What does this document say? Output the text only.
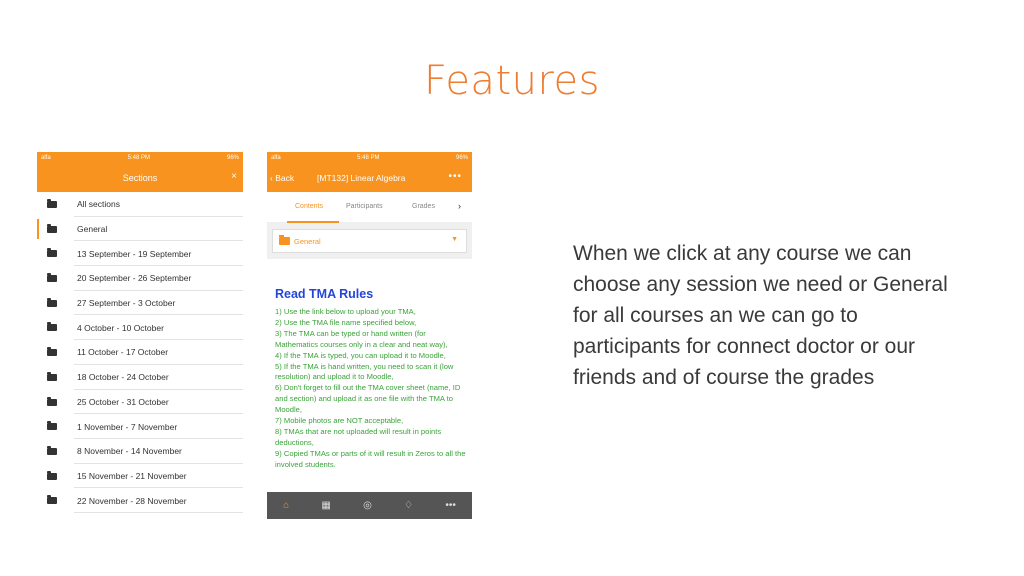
Features
alfa	5:48 PM	96%
Sections	×
All sections
General
13 September - 19 September
20 September - 26 September
27 September - 3 October
4 October - 10 October
11 October - 17 October
18 October - 24 October
25 October - 31 October
1 November - 7 November
8 November - 14 November
15 November - 21 November
22 November - 28 November
alfa	5:48 PM	96%
‹ Back	[MT132] Linear Algebra	•••
Contents	Participants	Grades	›
General	▼
Read TMA Rules
1) Use the link below to upload your TMA,
2) Use the TMA file name specified below,
3) The TMA can be typed or hand written (for Mathematics courses only in a clear and neat way),
4) If the TMA is typed, you can upload it to Moodle,
5) If the TMA is hand written, you need to scan it (low resolution) and upload it to Moodle,
6) Don't forget to fill out the TMA cover sheet (name, ID and section) and upload it as one file with the TMA to Moodle,
7) Mobile photos are NOT acceptable,
8) TMAs that are not uploaded will result in points deductions,
9) Copied TMAs or parts of it will result in Zeros to all the involved students.
⌂	▦	◎	♢	•••
When we click at any course we can choose any session we need or General for all courses an we can go to participants for connect doctor or our friends and of course the grades
